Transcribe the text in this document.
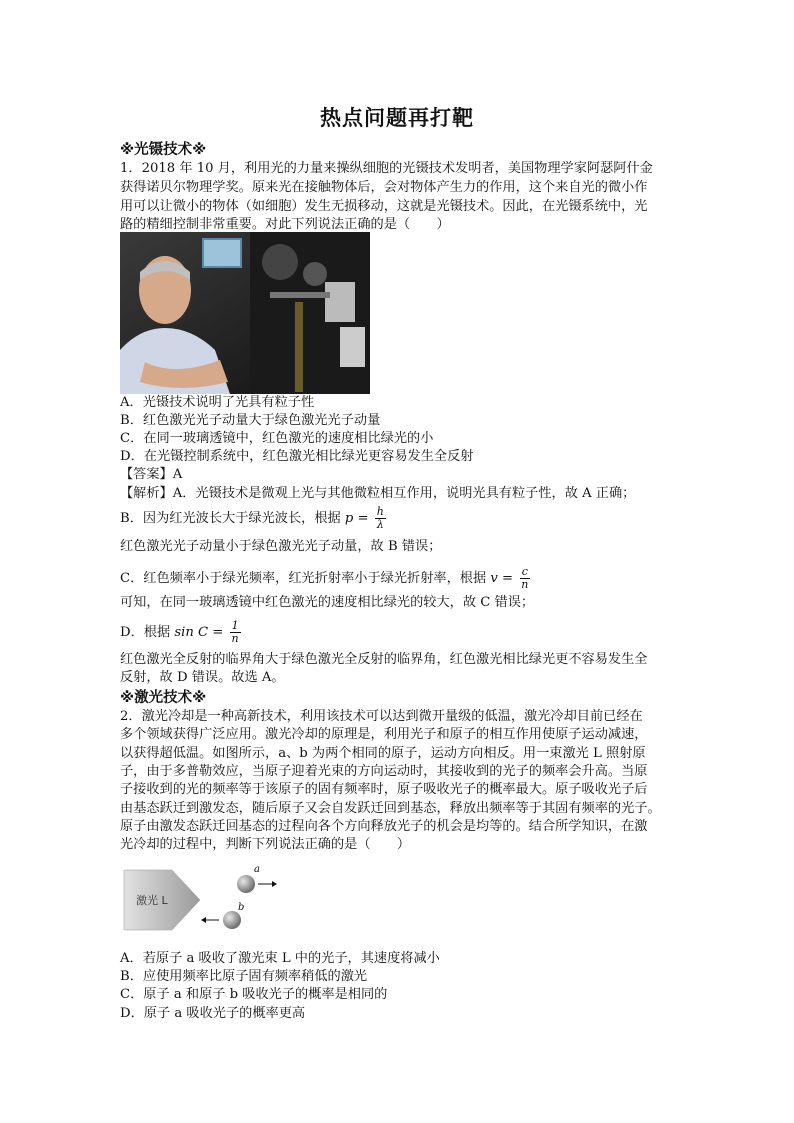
热点问题再打靶
※光镊技术※
1．2018 年 10 月，利用光的力量来操纵细胞的光镊技术发明者，美国物理学家阿瑟阿什金
获得诺贝尔物理学奖。原来光在接触物体后，会对物体产生力的作用，这个来自光的微小作
用可以让微小的物体（如细胞）发生无损移动，这就是光镊技术。因此，在光镊系统中，光
路的精细控制非常重要。对此下列说法正确的是（　　）
A．光镊技术说明了光具有粒子性
B．红色激光光子动量大于绿色激光光子动量
C．在同一玻璃透镜中，红色激光的速度相比绿光的小
D．在光镊控制系统中，红色激光相比绿光更容易发生全反射
【答案】A
【解析】A．光镊技术是微观上光与其他微粒相互作用，说明光具有粒子性，故 A 正确；
B．因为红光波长大于绿光波长，根据 $p = \frac{h}{\lambda}$
红色激光光子动量小于绿色激光光子动量，故 B 错误；
C．红色频率小于绿光频率，红光折射率小于绿光折射率，根据 $v = \frac{c}{n}$
可知，在同一玻璃透镜中红色激光的速度相比绿光的较大，故 C 错误；
D．根据 $\sin C = \frac{1}{n}$
红色激光全反射的临界角大于绿色激光全反射的临界角，红色激光相比绿光更不容易发生全
反射，故 D 错误。故选 A。
※激光技术※
2．激光冷却是一种高新技术，利用该技术可以达到微开量级的低温，激光冷却目前已经在
多个领域获得广泛应用。激光冷却的原理是，利用光子和原子的相互作用使原子运动减速，
以获得超低温。如图所示，a、b 为两个相同的原子，运动方向相反。用一束激光 L 照射原
子，由于多普勒效应，当原子迎着光束的方向运动时，其接收到的光子的频率会升高。当原
子接收到的光的频率等于该原子的固有频率时，原子吸收光子的概率最大。原子吸收光子后
由基态跃迁到激发态，随后原子又会自发跃迁回到基态，释放出频率等于其固有频率的光子。
原子由激发态跃迁回基态的过程向各个方向释放光子的机会是均等的。结合所学知识，在激
光冷却的过程中，判断下列说法正确的是（　　）
激光 L
a
b
A．若原子 a 吸收了激光束 L 中的光子，其速度将减小
B．应使用频率比原子固有频率稍低的激光
C．原子 a 和原子 b 吸收光子的概率是相同的
D．原子 a 吸收光子的概率更高
